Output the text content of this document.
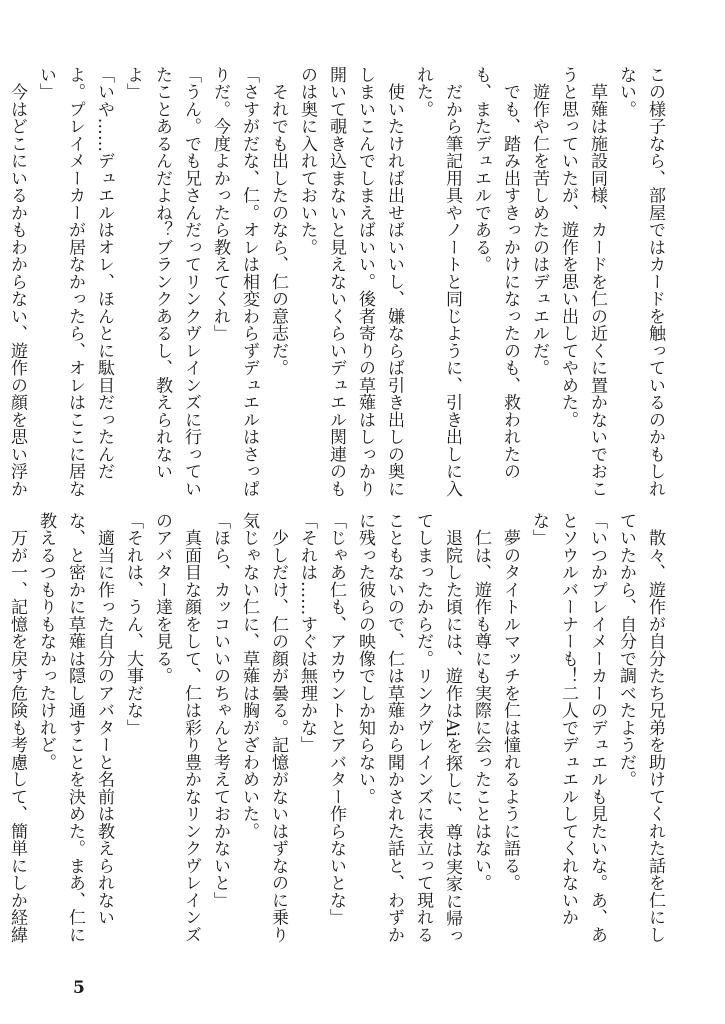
この様子なら、部屋ではカードを触っているのかもしれない。
　草薙は施設同様、カードを仁の近くに置かないでおこうと思っていたが、遊作を思い出してやめた。
　遊作や仁を苦しめたのはデュエルだ。
　でも、踏み出すきっかけになったのも、救われたのも、またデュエルである。
　だから筆記用具やノートと同じように、引き出しに入れた。
　使いたければ出せばいいし、嫌ならば引き出しの奥にしまいこんでしまえばいい。後者寄りの草薙はしっかり開いて覗き込まないと見えないくらいデュエル関連のものは奥に入れておいた。
　それでも出したのなら、仁の意志だ。
「さすがだな、仁。オレは相変わらずデュエルはさっぱりだ。今度よかったら教えてくれ」
「うん。でも兄さんだってリンクヴレインズに行っていたことあるんだよね？ブランクあるし、教えられないよ」
「いや……デュエルはオレ、ほんとに駄目だったんだよ。プレイメーカーが居なかったら、オレはここに居ない」
　今はどこにいるかもわからない、遊作の顔を思い浮か

　散々、遊作が自分たち兄弟を助けてくれた話を仁にしていたから、自分で調べたようだ。
「いつかプレイメーカーのデュエルも見たいな。あ、あとソウルバーナーも！二人でデュエルしてくれないかな」
　夢のタイトルマッチを仁は憧れるように語る。
　仁は、遊作も尊にも実際に会ったことはない。
　退院した頃には、遊作はAiを探しに、尊は実家に帰ってしまったからだ。リンクヴレインズに表立って現れることもないので、仁は草薙から聞かされた話と、わずかに残った彼らの映像でしか知らない。
「じゃあ仁も、アカウントとアバター作らないとな」
「それは……すぐは無理かな」
　少しだけ、仁の顔が曇る。記憶がないはずなのに乗り気じゃない仁に、草薙は胸がざわめいた。
「ほら、カッコいいのちゃんと考えておかないと」
　真面目な顔をして、仁は彩り豊かなリンクヴレインズのアバター達を見る。
「それは、うん、大事だな」
　適当に作った自分のアバターと名前は教えられないな、と密かに草薙は隠し通すことを決めた。まあ、仁に教えるつもりもなかったけれど。
　万が一、記憶を戻す危険も考慮して、簡単にしか経緯
5
